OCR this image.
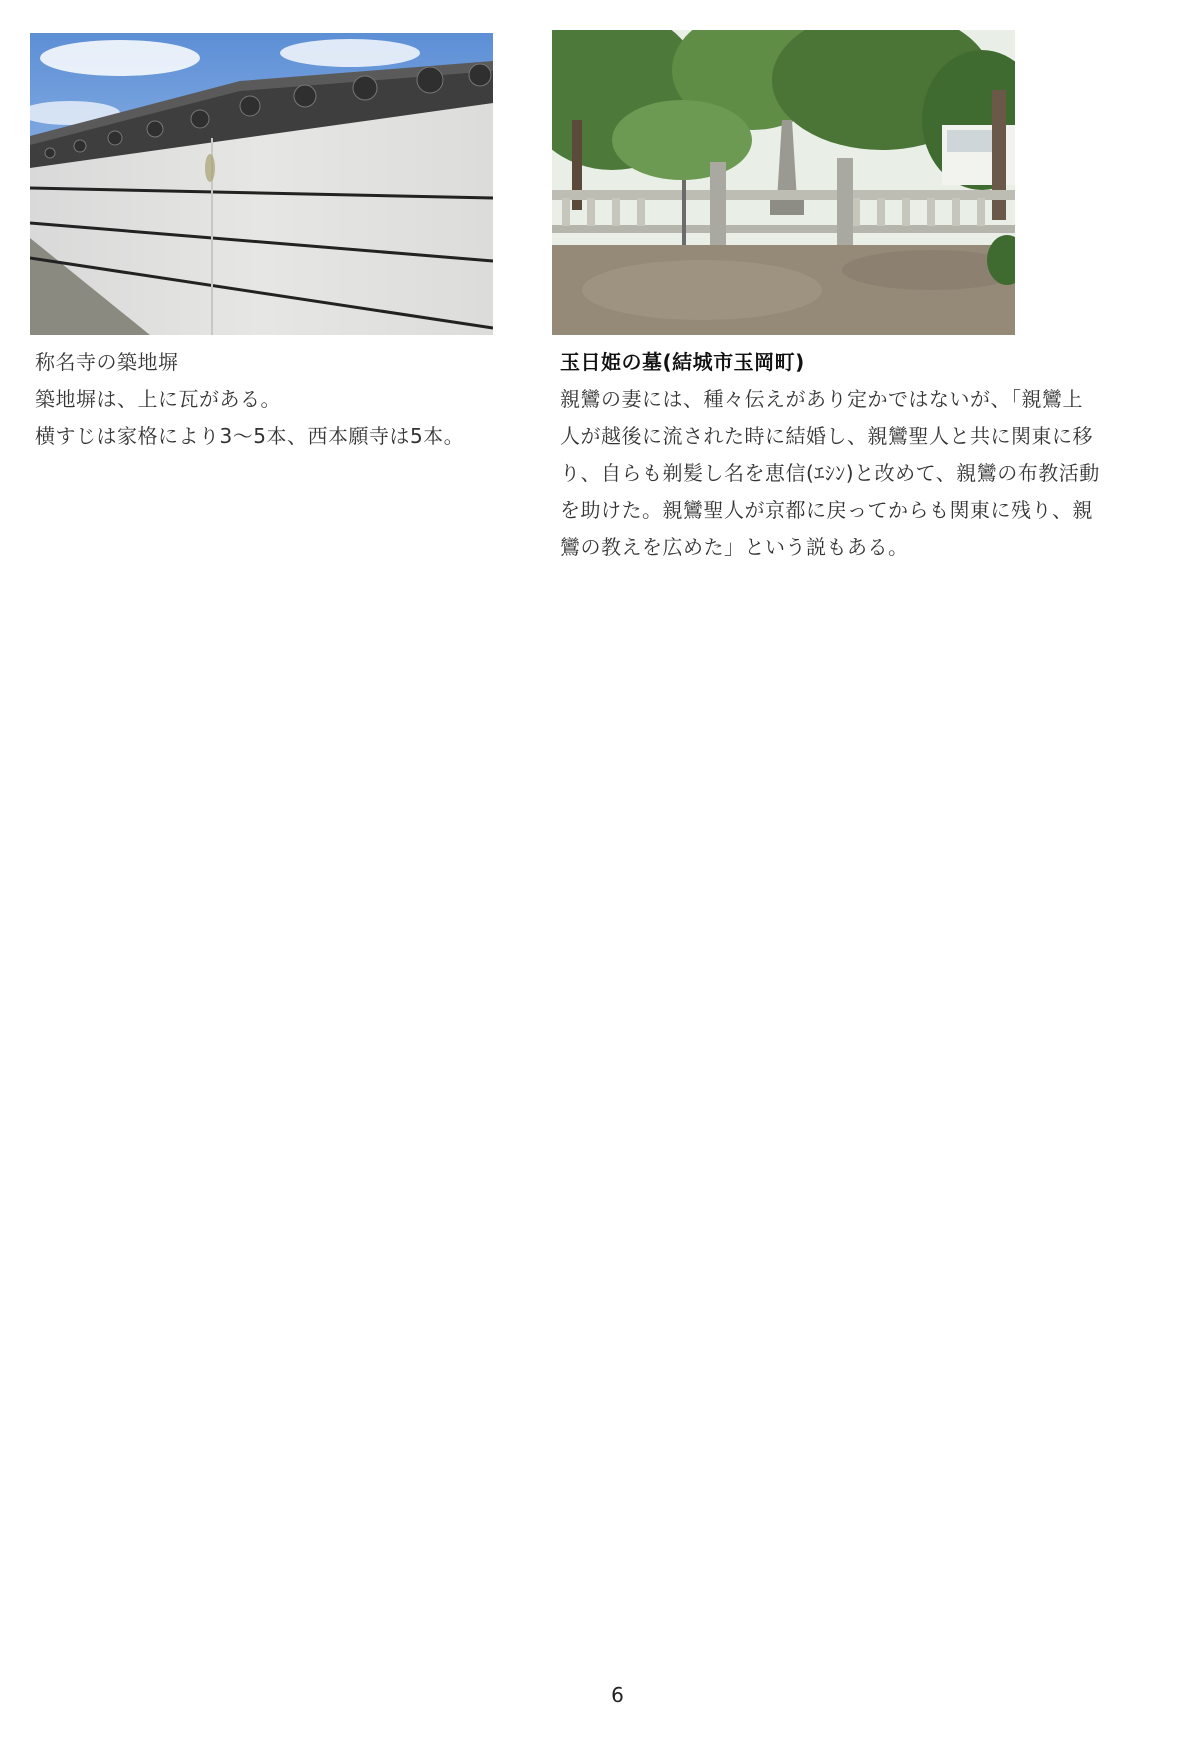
称名寺の築地塀
築地塀は、上に瓦がある。
横すじは家格により3〜5本、西本願寺は5本。
玉日姫の墓(結城市玉岡町)
親鸞の妻には、種々伝えがあり定かではないが、「親鸞上
人が越後に流された時に結婚し、親鸞聖人と共に関東に移
り、自らも剃髪し名を恵信(ｴｼﾝ)と改めて、親鸞の布教活動
を助けた。親鸞聖人が京都に戻ってからも関東に残り、親
鸞の教えを広めた」という説もある。
6
